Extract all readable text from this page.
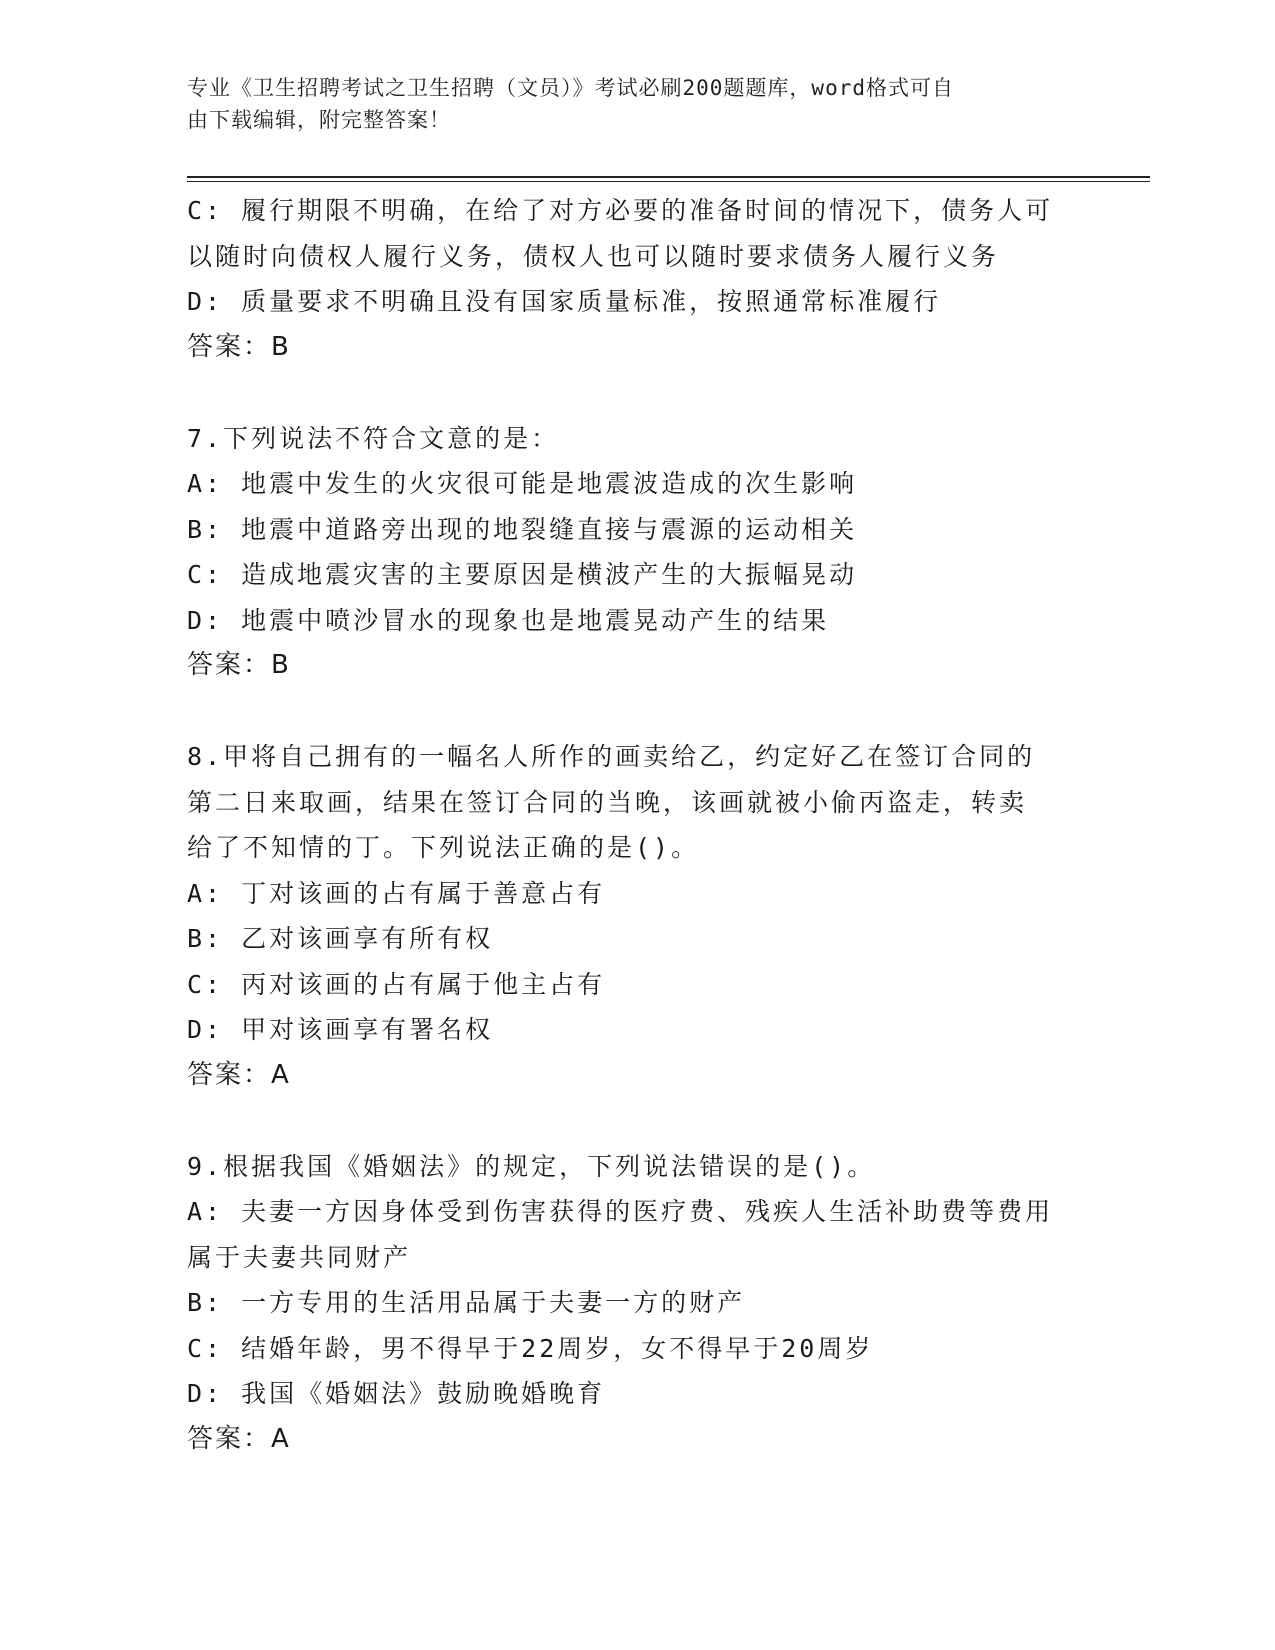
专业《卫生招聘考试之卫生招聘（文员）》考试必刷200题题库，word格式可自
由下载编辑，附完整答案！
C: 履行期限不明确，在给了对方必要的准备时间的情况下，债务人可
以随时向债权人履行义务，债权人也可以随时要求债务人履行义务
D: 质量要求不明确且没有国家质量标准，按照通常标准履行
答案：B
7.下列说法不符合文意的是：
A: 地震中发生的火灾很可能是地震波造成的次生影响
B: 地震中道路旁出现的地裂缝直接与震源的运动相关
C: 造成地震灾害的主要原因是横波产生的大振幅晃动
D: 地震中喷沙冒水的现象也是地震晃动产生的结果
答案：B
8.甲将自己拥有的一幅名人所作的画卖给乙，约定好乙在签订合同的
第二日来取画，结果在签订合同的当晚，该画就被小偷丙盗走，转卖
给了不知情的丁。下列说法正确的是()。
A: 丁对该画的占有属于善意占有
B: 乙对该画享有所有权
C: 丙对该画的占有属于他主占有
D: 甲对该画享有署名权
答案：A
9.根据我国《婚姻法》的规定，下列说法错误的是()。
A: 夫妻一方因身体受到伤害获得的医疗费、残疾人生活补助费等费用
属于夫妻共同财产
B: 一方专用的生活用品属于夫妻一方的财产
C: 结婚年龄，男不得早于22周岁，女不得早于20周岁
D: 我国《婚姻法》鼓励晚婚晚育
答案：A
